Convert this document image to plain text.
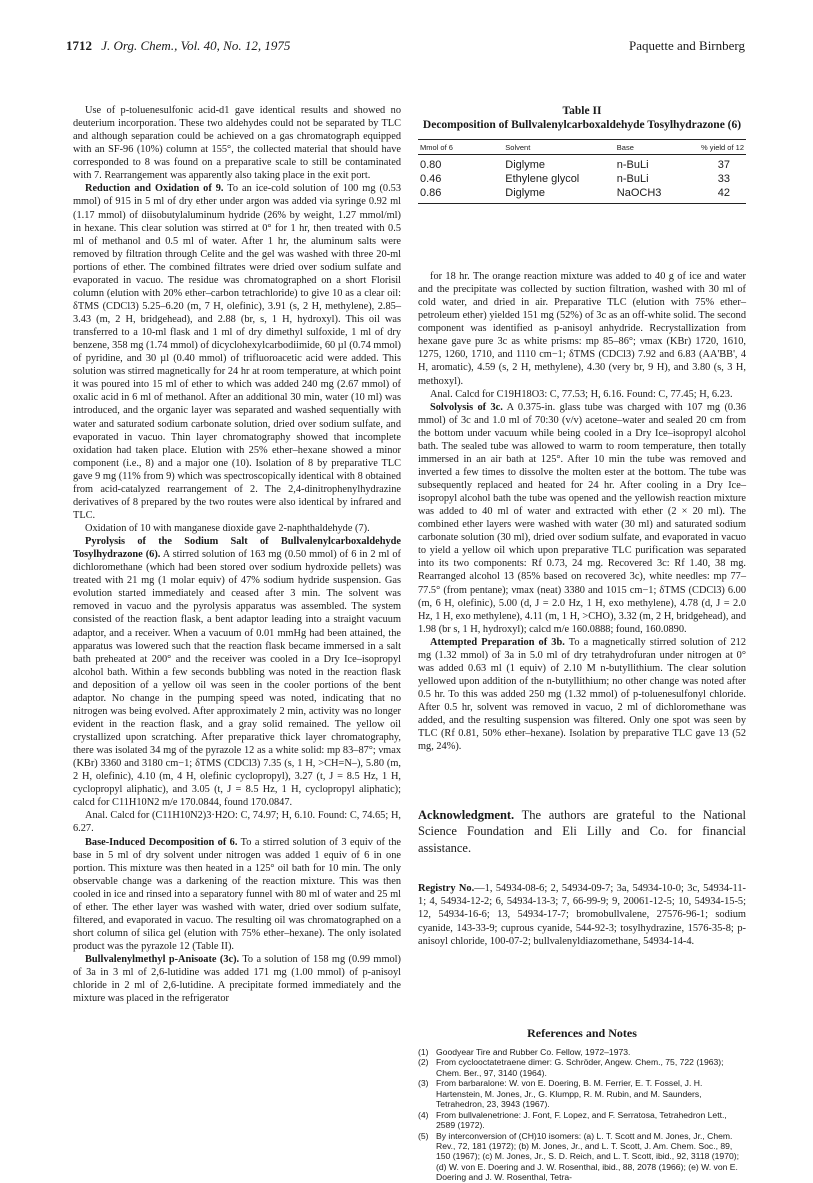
1712 J. Org. Chem., Vol. 40, No. 12, 1975	Paquette and Birnberg

Use of p-toluenesulfonic acid-d1 gave identical results and showed no deuterium incorporation. These two aldehydes could not be separated by TLC and although separation could be achieved on a gas chromatograph equipped with an SF-96 (10%) column at 155°, the collected material that should have corresponded to 8 was found on a preparative scale to still be contaminated with 7. Rearrangement was apparently also taking place in the exit port.

Reduction and Oxidation of 9. To an ice-cold solution of 100 mg (0.53 mmol) of 915 in 5 ml of dry ether under argon was added via syringe 0.92 ml (1.17 mmol) of diisobutylaluminum hydride (26% by weight, 1.27 mmol/ml) in hexane. This clear solution was stirred at 0° for 1 hr, then treated with 0.5 ml of methanol and 0.5 ml of water. After 1 hr, the aluminum salts were removed by filtration through Celite and the gel was washed with three 20-ml portions of ether. The combined filtrates were dried over sodium sulfate and evaporated in vacuo. The residue was chromatographed on a short Florisil column (elution with 20% ether–carbon tetrachloride) to give 10 as a clear oil: δTMS (CDCl3) 5.25–6.20 (m, 7 H, olefinic), 3.91 (s, 2 H, methylene), 2.85–3.43 (m, 2 H, bridgehead), and 2.88 (br, s, 1 H, hydroxyl). This oil was transferred to a 10-ml flask and 1 ml of dry dimethyl sulfoxide, 1 ml of dry benzene, 358 mg (1.74 mmol) of dicyclohexylcarbodiimide, 60 µl (0.74 mmol) of pyridine, and 30 µl (0.40 mmol) of trifluoroacetic acid were added. This solution was stirred magnetically for 24 hr at room temperature, at which point it was poured into 15 ml of ether to which was added 240 mg (2.67 mmol) of oxalic acid in 6 ml of methanol. After an additional 30 min, water (10 ml) was introduced, and the organic layer was separated and washed sequentially with water and saturated sodium carbonate solution, dried over sodium sulfate, and evaporated in vacuo. Thin layer chromatography showed that incomplete oxidation had taken place. Elution with 25% ether–hexane showed a minor component (i.e., 8) and a major one (10). Isolation of 8 by preparative TLC gave 9 mg (11% from 9) which was spectroscopically identical with 8 obtained from acid-catalyzed rearrangement of 2. The 2,4-dinitrophenylhydrazine derivatives of 8 prepared by the two routes were also identical by infrared and TLC.

Oxidation of 10 with manganese dioxide gave 2-naphthaldehyde (7).

Pyrolysis of the Sodium Salt of Bullvalenylcarboxaldehyde Tosylhydrazone (6). A stirred solution of 163 mg (0.50 mmol) of 6 in 2 ml of dichloromethane (which had been stored over sodium hydroxide pellets) was treated with 21 mg (1 molar equiv) of 47% sodium hydride suspension. Gas evolution started immediately and ceased after 3 min. The solvent was removed in vacuo and the pyrolysis apparatus was assembled. The system consisted of the reaction flask, a bent adaptor leading into a straight vacuum adaptor, and a receiver. When a vacuum of 0.01 mmHg had been attained, the apparatus was lowered such that the reaction flask became immersed in a salt bath preheated at 200° and the receiver was cooled in a Dry Ice–isopropyl alcohol bath. Within a few seconds bubbling was noted in the reaction flask and deposition of a yellow oil was seen in the cooler portions of the bent adaptor. No change in the pumping speed was noted, indicating that no nitrogen was being evolved. After approximately 2 min, activity was no longer evident in the reaction flask, and a gray solid remained. The yellow oil crystallized upon scratching. After preparative thick layer chromatography, there was isolated 34 mg of the pyrazole 12 as a white solid: mp 83–87°; νmax (KBr) 3360 and 3180 cm−1; δTMS (CDCl3) 7.35 (s, 1 H, >CH=N–), 5.80 (m, 2 H, olefinic), 4.10 (m, 4 H, olefinic cyclopropyl), 3.27 (t, J = 8.5 Hz, 1 H, cyclopropyl aliphatic), and 3.05 (t, J = 8.5 Hz, 1 H, cyclopropyl aliphatic); calcd for C11H10N2 m/e 170.0844, found 170.0847.

Anal. Calcd for (C11H10N2)3·H2O: C, 74.97; H, 6.10. Found: C, 74.65; H, 6.27.

Base-Induced Decomposition of 6. To a stirred solution of 3 equiv of the base in 5 ml of dry solvent under nitrogen was added 1 equiv of 6 in one portion. This mixture was then heated in a 125° oil bath for 10 min. The only observable change was a darkening of the reaction mixture. This was then cooled in ice and rinsed into a separatory funnel with 80 ml of water and 25 ml of ether. The ether layer was washed with water, dried over sodium sulfate, filtered, and evaporated in vacuo. The resulting oil was chromatographed on a short column of silica gel (elution with 75% ether–hexane). The only isolated product was the pyrazole 12 (Table II).

Bullvalenylmethyl p-Anisoate (3c). To a solution of 158 mg (0.99 mmol) of 3a in 3 ml of 2,6-lutidine was added 171 mg (1.00 mmol) of p-anisoyl chloride in 2 ml of 2,6-lutidine. A precipitate formed immediately and the mixture was placed in the refrigerator

Table II
Decomposition of Bullvalenylcarboxaldehyde Tosylhydrazone (6)
Mmol of 6	Solvent	Base	% yield of 12
0.80	Diglyme	n-BuLi	37
0.46	Ethylene glycol	n-BuLi	33
0.86	Diglyme	NaOCH3	42

for 18 hr. The orange reaction mixture was added to 40 g of ice and water and the precipitate was collected by suction filtration, washed with 30 ml of cold water, and dried in air. Preparative TLC (elution with 75% ether–petroleum ether) yielded 151 mg (52%) of 3c as an off-white solid. The second component was identified as p-anisoyl anhydride. Recrystallization from hexane gave pure 3c as white prisms: mp 85–86°; νmax (KBr) 1720, 1610, 1275, 1260, 1710, and 1110 cm−1; δTMS (CDCl3) 7.92 and 6.83 (AA'BB', 4 H, aromatic), 4.59 (s, 2 H, methylene), 4.30 (very br, 9 H), and 3.80 (s, 3 H, methoxyl).

Anal. Calcd for C19H18O3: C, 77.53; H, 6.16. Found: C, 77.45; H, 6.23.

Solvolysis of 3c. A 0.375-in. glass tube was charged with 107 mg (0.36 mmol) of 3c and 1.0 ml of 70:30 (v/v) acetone–water and sealed 20 cm from the bottom under vacuum while being cooled in a Dry Ice–isopropyl alcohol bath. The sealed tube was allowed to warm to room temperature, then totally immersed in an air bath at 125°. After 10 min the tube was removed and inverted a few times to dissolve the molten ester at the bottom. The tube was subsequently replaced and heated for 24 hr. After cooling in a Dry Ice–isopropyl alcohol bath the tube was opened and the yellowish reaction mixture was added to 40 ml of water and extracted with ether (2 × 20 ml). The combined ether layers were washed with water (30 ml) and saturated sodium carbonate solution (30 ml), dried over sodium sulfate, and evaporated in vacuo to yield a yellow oil which upon preparative TLC purification was separated into its two components: Rf 0.73, 24 mg. Recovered 3c: Rf 1.40, 38 mg. Rearranged alcohol 13 (85% based on recovered 3c), white needles: mp 77–77.5° (from pentane); νmax (neat) 3380 and 1015 cm−1; δTMS (CDCl3) 6.00 (m, 6 H, olefinic), 5.00 (d, J = 2.0 Hz, 1 H, exo methylene), 4.78 (d, J = 2.0 Hz, 1 H, exo methylene), 4.11 (m, 1 H, >CHO), 3.32 (m, 2 H, bridgehead), and 1.98 (br s, 1 H, hydroxyl); calcd m/e 160.0888; found, 160.0890.

Attempted Preparation of 3b. To a magnetically stirred solution of 212 mg (1.32 mmol) of 3a in 5.0 ml of dry tetrahydrofuran under nitrogen at 0° was added 0.63 ml (1 equiv) of 2.10 M n-butyllithium. The clear solution yellowed upon addition of the n-butyllithium; no other change was noted after 0.5 hr. To this was added 250 mg (1.32 mmol) of p-toluenesulfonyl chloride. After 0.5 hr, solvent was removed in vacuo, 2 ml of dichloromethane was added, and the resulting suspension was filtered. Only one spot was seen by TLC (Rf 0.81, 50% ether–hexane). Isolation by preparative TLC gave 13 (52 mg, 24%).

Acknowledgment. The authors are grateful to the National Science Foundation and Eli Lilly and Co. for financial assistance.
Registry No.—1, 54934-08-6; 2, 54934-09-7; 3a, 54934-10-0; 3c, 54934-11-1; 4, 54934-12-2; 6, 54934-13-3; 7, 66-99-9; 9, 20061-12-5; 10, 54934-15-5; 12, 54934-16-6; 13, 54934-17-7; bromobullvalene, 27576-96-1; sodium cyanide, 143-33-9; cuprous cyanide, 544-92-3; tosylhydrazine, 1576-35-8; p-anisoyl chloride, 100-07-2; bullvalenyldiazomethane, 54934-14-4.
References and Notes
(1) Goodyear Tire and Rubber Co. Fellow, 1972–1973.
(2) From cyclooctatetraene dimer: G. Schröder, Angew. Chem., 75, 722 (1963); Chem. Ber., 97, 3140 (1964).
(3) From barbaralone: W. von E. Doering, B. M. Ferrier, E. T. Fossel, J. H. Hartenstein, M. Jones, Jr., G. Klumpp, R. M. Rubin, and M. Saunders, Tetrahedron, 23, 3943 (1967).
(4) From bullvalenetrione: J. Font, F. Lopez, and F. Serratosa, Tetrahedron Lett., 2589 (1972).
(5) By interconversion of (CH)10 isomers: (a) L. T. Scott and M. Jones, Jr., Chem. Rev., 72, 181 (1972); (b) M. Jones, Jr., and L. T. Scott, J. Am. Chem. Soc., 89, 150 (1967); (c) M. Jones, Jr., S. D. Reich, and L. T. Scott, ibid., 92, 3118 (1970); (d) W. von E. Doering and J. W. Rosenthal, ibid., 88, 2078 (1966); (e) W. von E. Doering and J. W. Rosenthal, Tetra-
